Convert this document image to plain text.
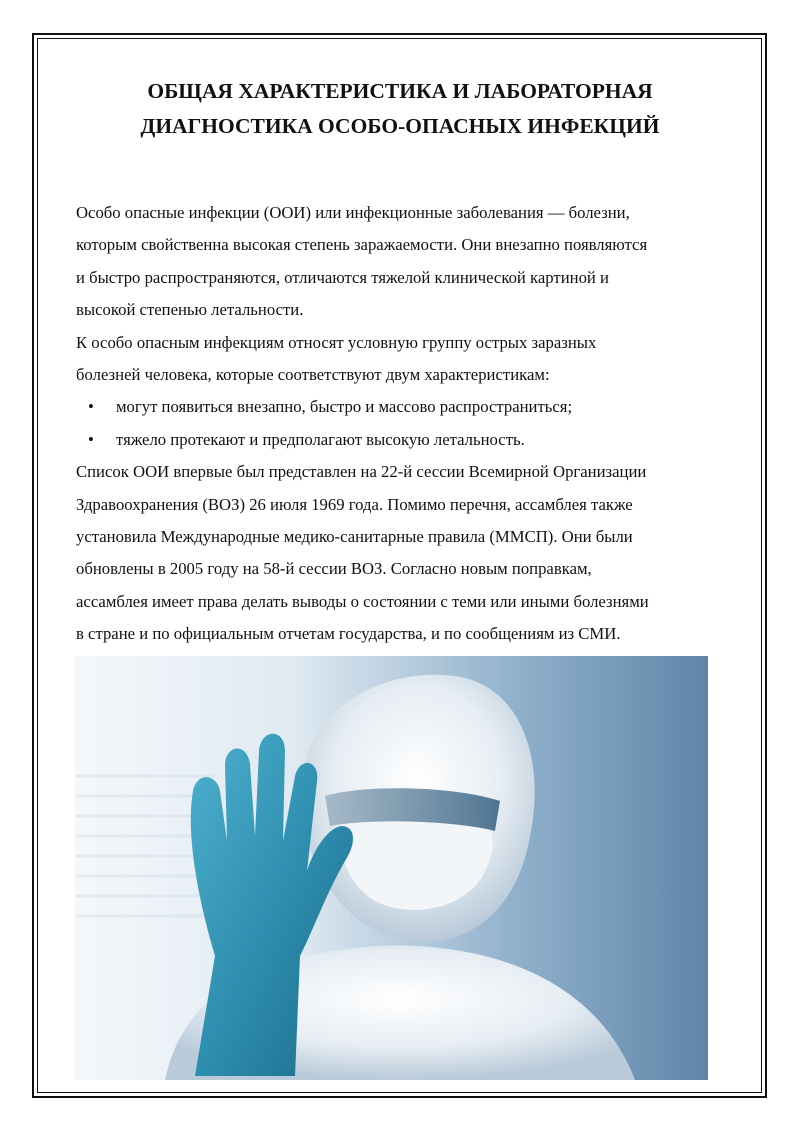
ОБЩАЯ ХАРАКТЕРИСТИКА И ЛАБОРАТОРНАЯ
ДИАГНОСТИКА ОСОБО-ОПАСНЫХ ИНФЕКЦИЙ
Особо опасные инфекции (ООИ) или инфекционные заболевания — болезни,
которым свойственна высокая степень заражаемости. Они внезапно появляются
и быстро распространяются, отличаются тяжелой клинической картиной и
высокой степенью летальности.
К особо опасным инфекциям относят условную группу острых заразных
болезней человека, которые соответствуют двум характеристикам:
• могут появиться внезапно, быстро и массово распространиться;
• тяжело протекают и предполагают высокую летальность.
Список ООИ впервые был представлен на 22-й сессии Всемирной Организации
Здравоохранения (ВОЗ) 26 июля 1969 года. Помимо перечня, ассамблея также
установила Международные медико-санитарные правила (ММСП). Они были
обновлены в 2005 году на 58-й сессии ВОЗ. Согласно новым поправкам,
ассамблея имеет права делать выводы о состоянии с теми или иными болезнями
в стране и по официальным отчетам государства, и по сообщениям из СМИ.
